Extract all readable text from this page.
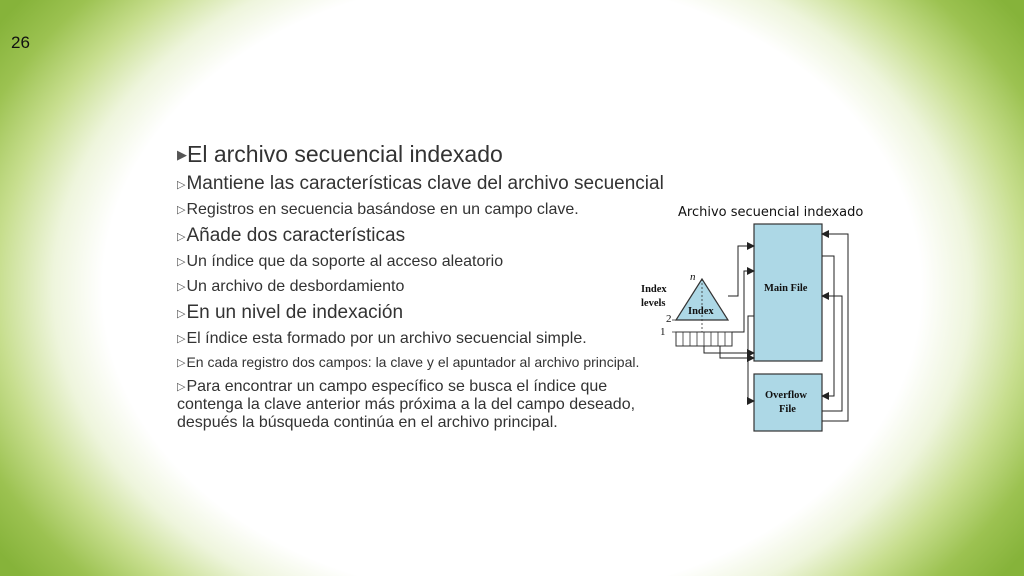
26

▶El archivo secuencial indexado

▷Mantiene las características clave del archivo secuencial

▷Registros en secuencia basándose en un campo clave.

▷Añade dos características

▷Un índice que da soporte al acceso aleatorio

▷Un archivo de desbordamiento

▷En un nivel de indexación

▷El índice esta formado por un archivo secuencial simple.

▷En cada registro dos campos: la clave y el apuntador al archivo principal.

▷Para encontrar un campo específico se busca el índice que contenga la clave anterior más próxima a la del campo deseado, después la búsqueda continúa en el archivo principal.

Archivo secuencial indexado
n
Index
levels
2
1
Index
Main File
Overflow
File
